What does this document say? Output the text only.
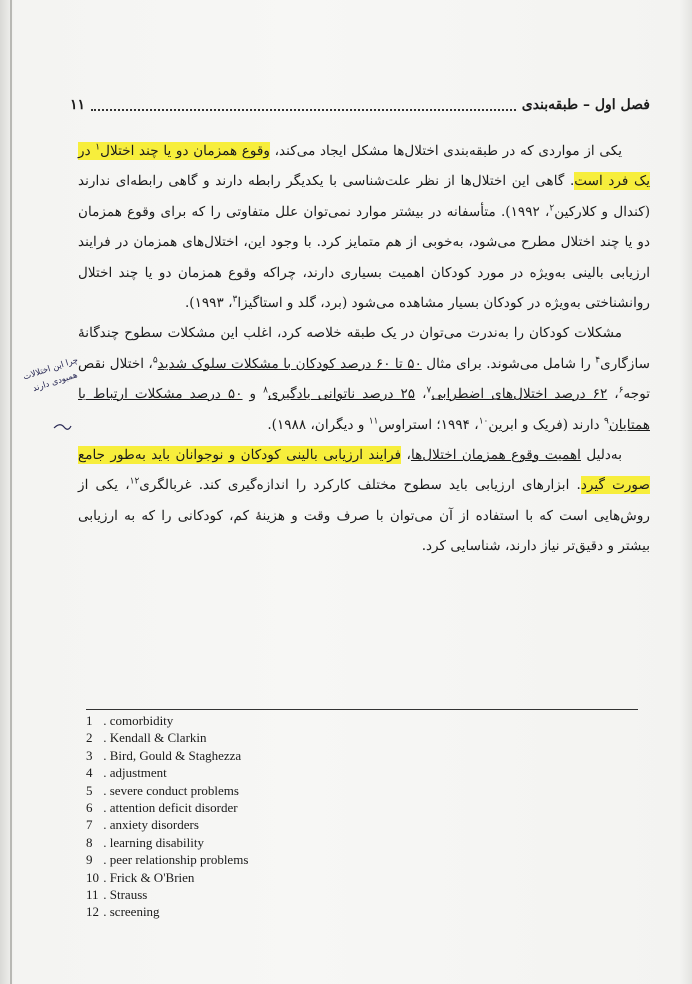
فصل اول – طبقه‌بندی
۱۱
چرا این اختلالات همبودی دارند

یکی از مواردی که در طبقه‌بندی اختلال‌ها مشکل ایجاد می‌کند، وقوع همزمان دو یا چند اختلال$^۱$ در یک فرد است. گاهی این اختلال‌ها از نظر علت‌شناسی با یکدیگر رابطه دارند و گاهی رابطه‌ای ندارند (کندال و کلارکین$^۲$، ۱۹۹۲). متأسفانه در بیشتر موارد نمی‌توان علل متفاوتی را که برای وقوع همزمان دو یا چند اختلال مطرح می‌شود، به‌خوبی از هم متمایز کرد. با وجود این، اختلال‌های همزمان در فرایند ارزیابی بالینی به‌ویژه در مورد کودکان اهمیت بسیاری دارند، چراکه وقوع همزمان دو یا چند اختلال روانشناختی به‌ویژه در کودکان بسیار مشاهده می‌شود (برد، گلد و استاگیزا$^۳$، ۱۹۹۳).

مشکلات کودکان را به‌ندرت می‌توان در یک طبقه خلاصه کرد، اغلب این مشکلات سطوح چندگانهٔ سازگاری$^۴$ را شامل می‌شوند. برای مثال ۵۰ تا ۶۰ درصد کودکان با مشکلات سلوک شدید$^۵$، اختلال نقص توجه$^۶$، ۶۲ درصد اختلال‌های اضطرابی$^۷$، ۲۵ درصد ناتوانی یادگیری$^۸$ و ۵۰ درصد مشکلات ارتباط با همتایان$^۹$ دارند (فریک و ابرین$^{۱۰}$، ۱۹۹۴؛ استراوس$^{۱۱}$ و دیگران، ۱۹۸۸).

به‌دلیل اهمیت وقوع همزمان اختلال‌ها، فرایند ارزیابی بالینی کودکان و نوجوانان باید به‌طور جامع صورت گیرد. ابزارهای ارزیابی باید سطوح مختلف کارکرد را اندازه‌گیری کند. غربالگری$^{۱۲}$، یکی از روش‌هایی است که با استفاده از آن می‌توان با صرف وقت و هزینهٔ کم، کودکانی را که به ارزیابی بیشتر و دقیق‌تر نیاز دارند، شناسایی کرد.

1 . comorbidity
2 . Kendall & Clarkin
3 . Bird, Gould & Staghezza
4 . adjustment
5 . severe conduct problems
6 . attention deficit disorder
7 . anxiety disorders
8 . learning disability
9 . peer relationship problems
10 . Frick & O'Brien
11 . Strauss
12 . screening
